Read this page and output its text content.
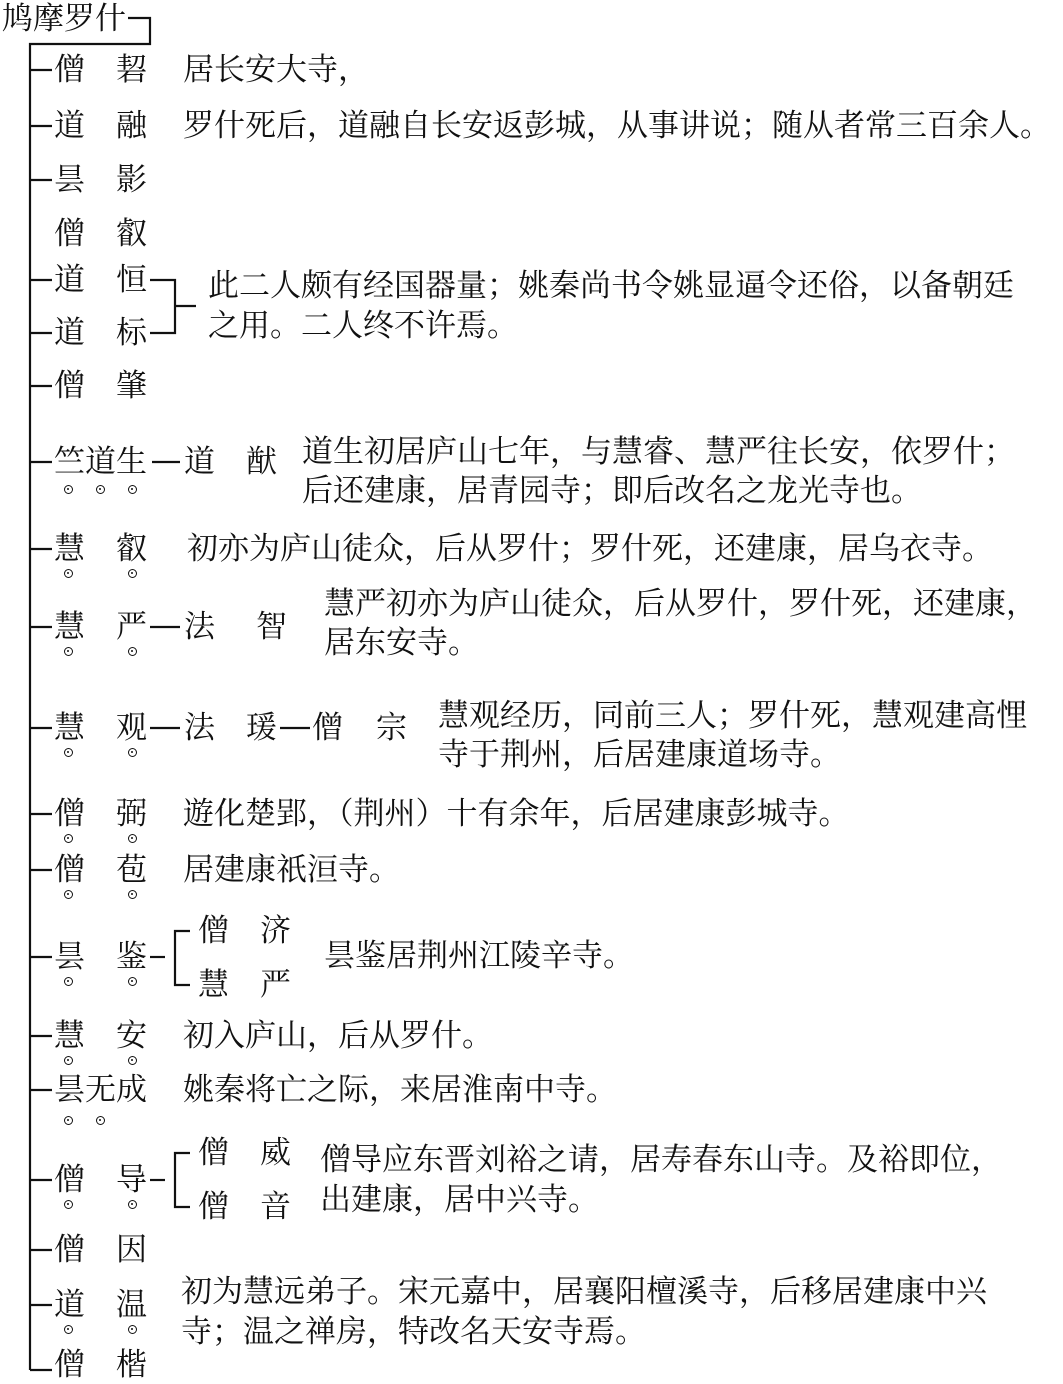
鸠摩罗什
僧 䂮 居长安大寺，
道 融 罗什死后，道融自长安返彭城，从事讲说；随从者常三百余人。
昙 影
僧 叡
道 恒
道 标
此二人颇有经国器量；姚秦尚书令姚显逼令还俗，以备朝廷
之用。二人终不许焉。
僧 肇
竺道生 道 猷 道生初居庐山七年，与慧睿、慧严往长安，依罗什；
后还建康，居青园寺；即后改名之龙光寺也。
慧 叡 初亦为庐山徒众，后从罗什；罗什死，还建康，居乌衣寺。
慧 严 法 智
慧严初亦为庐山徒众，后从罗什，罗什死，还建康，
居东安寺。
慧 观 法 瑗 僧 宗 慧观经历，同前三人；罗什死，慧观建高悝
寺于荆州，后居建康道场寺。
僧 弼 遊化楚郢，（荆州）十有余年，后居建康彭城寺。
僧 苞 居建康祇洹寺。
昙 鉴
僧 济
慧 严
昙鉴居荆州江陵辛寺。
慧 安 初入庐山，后从罗什。
昙无成 姚秦将亡之际，来居淮南中寺。
僧 导
僧 威
僧 音
僧导应东晋刘裕之请，居寿春东山寺。及裕即位，
出建康，居中兴寺。
僧 因
道 温 初为慧远弟子。宋元嘉中，居襄阳檀溪寺，后移居建康中兴
寺；温之禅房，特改名天安寺焉。
僧 楷
